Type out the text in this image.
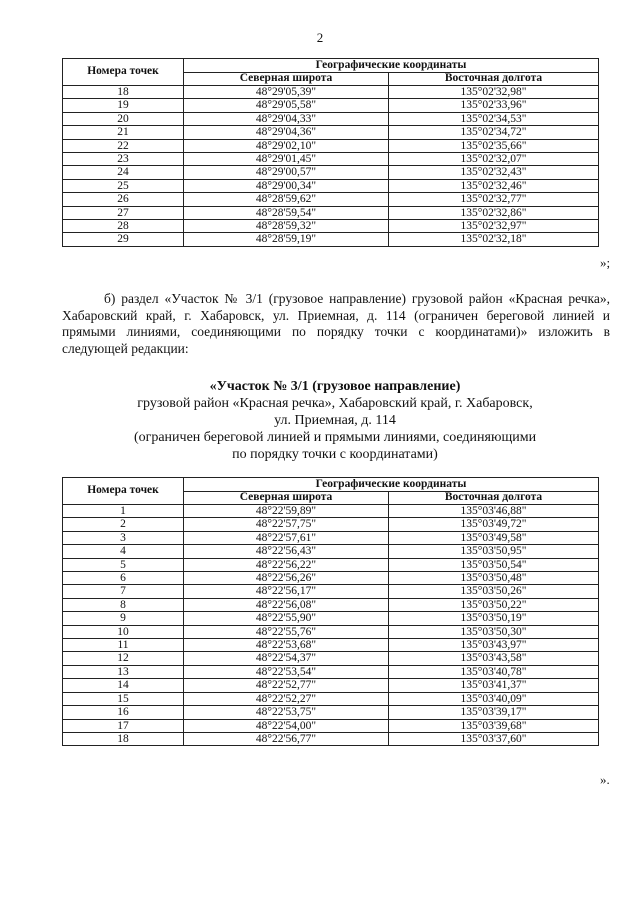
2
Номера точек	Географические координаты	
	Северная широта	Восточная долгота
18	48°29'05,39"	135°02'32,98"
19	48°29'05,58"	135°02'33,96"
20	48°29'04,33"	135°02'34,53"
21	48°29'04,36"	135°02'34,72"
22	48°29'02,10"	135°02'35,66"
23	48°29'01,45"	135°02'32,07"
24	48°29'00,57"	135°02'32,43"
25	48°29'00,34"	135°02'32,46"
26	48°28'59,62"	135°02'32,77"
27	48°28'59,54"	135°02'32,86"
28	48°28'59,32"	135°02'32,97"
29	48°28'59,19"	135°02'32,18"
»;
б) раздел «Участок № 3/1 (грузовое направление) грузовой район «Красная речка», Хабаровский край, г. Хабаровск, ул. Приемная, д. 114 (ограничен береговой линией и прямыми линиями, соединяющими по порядку точки с координатами)» изложить в следующей редакции:
«Участок № 3/1 (грузовое направление)
грузовой район «Красная речка», Хабаровский край, г. Хабаровск,
ул. Приемная, д. 114
(ограничен береговой линией и прямыми линиями, соединяющими
по порядку точки с координатами)
Номера точек	Географические координаты	
	Северная широта	Восточная долгота
1	48°22'59,89"	135°03'46,88"
2	48°22'57,75"	135°03'49,72"
3	48°22'57,61"	135°03'49,58"
4	48°22'56,43"	135°03'50,95"
5	48°22'56,22"	135°03'50,54"
6	48°22'56,26"	135°03'50,48"
7	48°22'56,17"	135°03'50,26"
8	48°22'56,08"	135°03'50,22"
9	48°22'55,90"	135°03'50,19"
10	48°22'55,76"	135°03'50,30"
11	48°22'53,68"	135°03'43,97"
12	48°22'54,37"	135°03'43,58"
13	48°22'53,54"	135°03'40,78"
14	48°22'52,77"	135°03'41,37"
15	48°22'52,27"	135°03'40,09"
16	48°22'53,75"	135°03'39,17"
17	48°22'54,00"	135°03'39,68"
18	48°22'56,77"	135°03'37,60"
».
